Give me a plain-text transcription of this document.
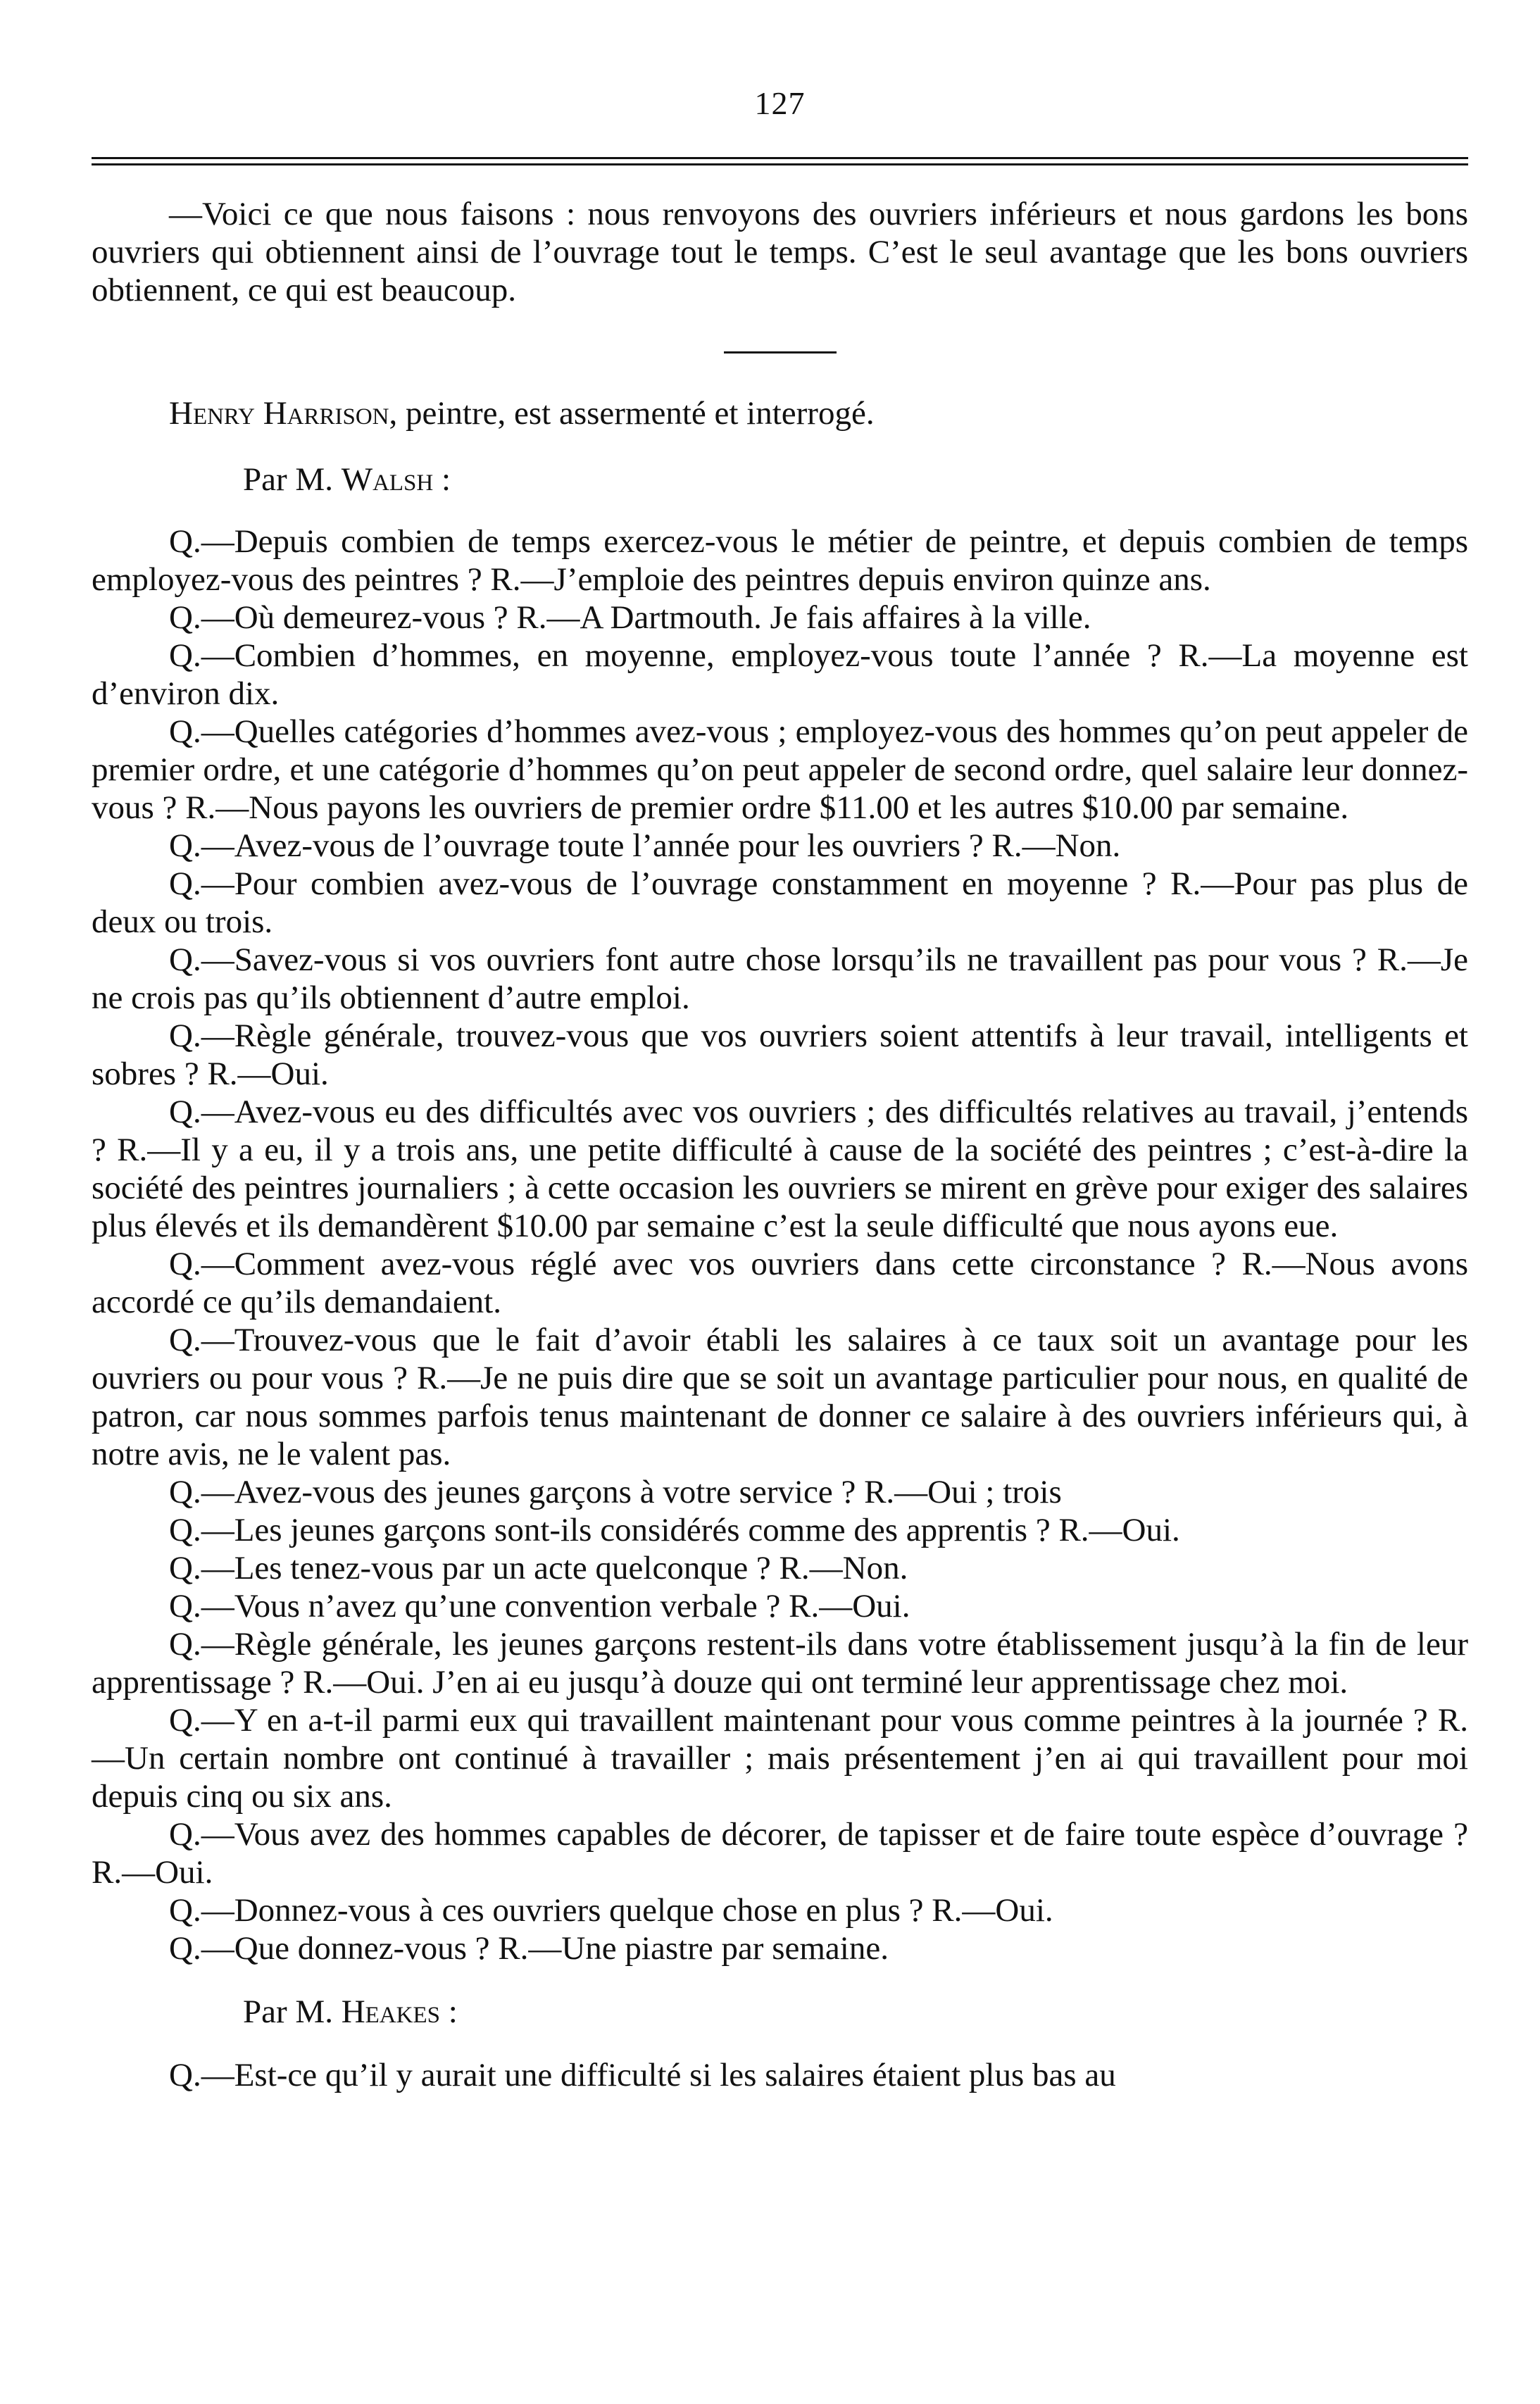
127

—Voici ce que nous faisons : nous renvoyons des ouvriers inférieurs et nous gardons les bons ouvriers qui obtiennent ainsi de l’ouvrage tout le temps. C’est le seul avantage que les bons ouvriers obtiennent, ce qui est beaucoup.

Henry Harrison, peintre, est assermenté et interrogé.

Par M. Walsh :

Q.—Depuis combien de temps exercez-vous le métier de peintre, et depuis combien de temps employez-vous des peintres ? R.—J’emploie des peintres depuis environ quinze ans.

Q.—Où demeurez-vous ? R.—A Dartmouth. Je fais affaires à la ville.

Q.—Combien d’hommes, en moyenne, employez-vous toute l’année ? R.—La moyenne est d’environ dix.

Q.—Quelles catégories d’hommes avez-vous ; employez-vous des hommes qu’on peut appeler de premier ordre, et une catégorie d’hommes qu’on peut appeler de second ordre, quel salaire leur donnez-vous ? R.—Nous payons les ouvriers de premier ordre $11.00 et les autres $10.00 par semaine.

Q.—Avez-vous de l’ouvrage toute l’année pour les ouvriers ? R.—Non.

Q.—Pour combien avez-vous de l’ouvrage constamment en moyenne ? R.—Pour pas plus de deux ou trois.

Q.—Savez-vous si vos ouvriers font autre chose lorsqu’ils ne travaillent pas pour vous ? R.—Je ne crois pas qu’ils obtiennent d’autre emploi.

Q.—Règle générale, trouvez-vous que vos ouvriers soient attentifs à leur travail, intelligents et sobres ? R.—Oui.

Q.—Avez-vous eu des difficultés avec vos ouvriers ; des difficultés relatives au travail, j’entends ? R.—Il y a eu, il y a trois ans, une petite difficulté à cause de la société des peintres ; c’est-à-dire la société des peintres journaliers ; à cette occasion les ouvriers se mirent en grève pour exiger des salaires plus élevés et ils demandèrent $10.00 par semaine c’est la seule difficulté que nous ayons eue.

Q.—Comment avez-vous réglé avec vos ouvriers dans cette circonstance ? R.—Nous avons accordé ce qu’ils demandaient.

Q.—Trouvez-vous que le fait d’avoir établi les salaires à ce taux soit un avantage pour les ouvriers ou pour vous ? R.—Je ne puis dire que se soit un avantage particulier pour nous, en qualité de patron, car nous sommes parfois tenus maintenant de donner ce salaire à des ouvriers inférieurs qui, à notre avis, ne le valent pas.

Q.—Avez-vous des jeunes garçons à votre service ? R.—Oui ; trois

Q.—Les jeunes garçons sont-ils considérés comme des apprentis ? R.—Oui.

Q.—Les tenez-vous par un acte quelconque ? R.—Non.

Q.—Vous n’avez qu’une convention verbale ? R.—Oui.

Q.—Règle générale, les jeunes garçons restent-ils dans votre établissement jusqu’à la fin de leur apprentissage ? R.—Oui. J’en ai eu jusqu’à douze qui ont terminé leur apprentissage chez moi.

Q.—Y en a-t-il parmi eux qui travaillent maintenant pour vous comme peintres à la journée ? R.—Un certain nombre ont continué à travailler ; mais présentement j’en ai qui travaillent pour moi depuis cinq ou six ans.

Q.—Vous avez des hommes capables de décorer, de tapisser et de faire toute espèce d’ouvrage ? R.—Oui.

Q.—Donnez-vous à ces ouvriers quelque chose en plus ? R.—Oui.

Q.—Que donnez-vous ? R.—Une piastre par semaine.

Par M. Heakes :

Q.—Est-ce qu’il y aurait une difficulté si les salaires étaient plus bas au
